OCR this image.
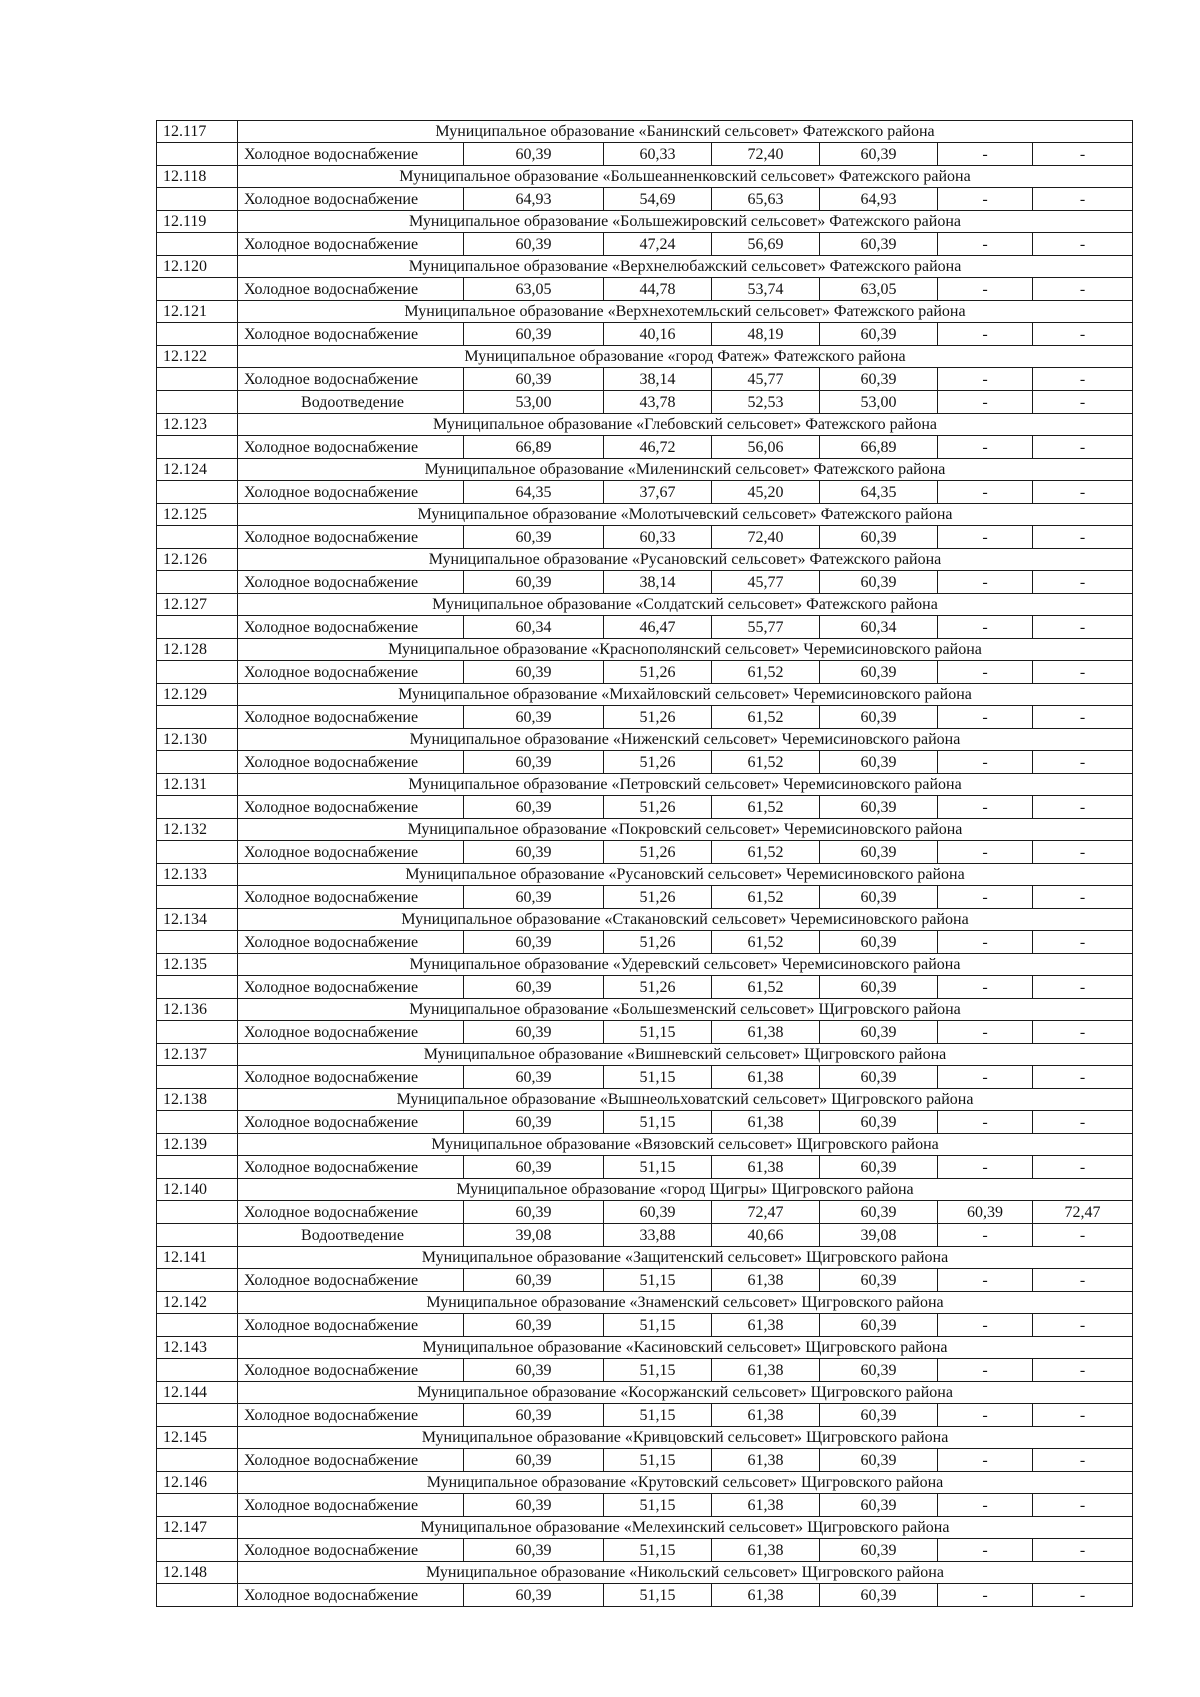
12.117	Муниципальное образование «Банинский сельсовет» Фатежского района						
	Холодное водоснабжение	60,39	60,33	72,40	60,39	-	-
12.118	Муниципальное образование «Большеанненковский сельсовет» Фатежского района						
	Холодное водоснабжение	64,93	54,69	65,63	64,93	-	-
12.119	Муниципальное образование «Большежировский сельсовет» Фатежского района						
	Холодное водоснабжение	60,39	47,24	56,69	60,39	-	-
12.120	Муниципальное образование «Верхнелюбажский сельсовет» Фатежского района						
	Холодное водоснабжение	63,05	44,78	53,74	63,05	-	-
12.121	Муниципальное образование «Верхнехотемльский сельсовет» Фатежского района						
	Холодное водоснабжение	60,39	40,16	48,19	60,39	-	-
12.122	Муниципальное образование «город Фатеж» Фатежского района						
	Холодное водоснабжение	60,39	38,14	45,77	60,39	-	-
	Водоотведение	53,00	43,78	52,53	53,00	-	-
12.123	Муниципальное образование «Глебовский сельсовет» Фатежского района						
	Холодное водоснабжение	66,89	46,72	56,06	66,89	-	-
12.124	Муниципальное образование «Миленинский сельсовет» Фатежского района						
	Холодное водоснабжение	64,35	37,67	45,20	64,35	-	-
12.125	Муниципальное образование «Молотычевский сельсовет» Фатежского района						
	Холодное водоснабжение	60,39	60,33	72,40	60,39	-	-
12.126	Муниципальное образование «Русановский сельсовет» Фатежского района						
	Холодное водоснабжение	60,39	38,14	45,77	60,39	-	-
12.127	Муниципальное образование «Солдатский сельсовет» Фатежского района						
	Холодное водоснабжение	60,34	46,47	55,77	60,34	-	-
12.128	Муниципальное образование «Краснополянский сельсовет» Черемисиновского района						
	Холодное водоснабжение	60,39	51,26	61,52	60,39	-	-
12.129	Муниципальное образование «Михайловский сельсовет» Черемисиновского района						
	Холодное водоснабжение	60,39	51,26	61,52	60,39	-	-
12.130	Муниципальное образование «Ниженский сельсовет» Черемисиновского района						
	Холодное водоснабжение	60,39	51,26	61,52	60,39	-	-
12.131	Муниципальное образование «Петровский сельсовет» Черемисиновского района						
	Холодное водоснабжение	60,39	51,26	61,52	60,39	-	-
12.132	Муниципальное образование «Покровский сельсовет» Черемисиновского района						
	Холодное водоснабжение	60,39	51,26	61,52	60,39	-	-
12.133	Муниципальное образование «Русановский сельсовет» Черемисиновского района						
	Холодное водоснабжение	60,39	51,26	61,52	60,39	-	-
12.134	Муниципальное образование «Стакановский сельсовет» Черемисиновского района						
	Холодное водоснабжение	60,39	51,26	61,52	60,39	-	-
12.135	Муниципальное образование «Удеревский сельсовет» Черемисиновского района						
	Холодное водоснабжение	60,39	51,26	61,52	60,39	-	-
12.136	Муниципальное образование «Большезменский сельсовет» Щигровского района						
	Холодное водоснабжение	60,39	51,15	61,38	60,39	-	-
12.137	Муниципальное образование «Вишневский сельсовет» Щигровского района						
	Холодное водоснабжение	60,39	51,15	61,38	60,39	-	-
12.138	Муниципальное образование «Вышнеольховатский сельсовет» Щигровского района						
	Холодное водоснабжение	60,39	51,15	61,38	60,39	-	-
12.139	Муниципальное образование «Вязовский сельсовет» Щигровского района						
	Холодное водоснабжение	60,39	51,15	61,38	60,39	-	-
12.140	Муниципальное образование «город Щигры» Щигровского района						
	Холодное водоснабжение	60,39	60,39	72,47	60,39	60,39	72,47
	Водоотведение	39,08	33,88	40,66	39,08	-	-
12.141	Муниципальное образование «Защитенский сельсовет» Щигровского района						
	Холодное водоснабжение	60,39	51,15	61,38	60,39	-	-
12.142	Муниципальное образование «Знаменский сельсовет» Щигровского района						
	Холодное водоснабжение	60,39	51,15	61,38	60,39	-	-
12.143	Муниципальное образование «Касиновский сельсовет» Щигровского района						
	Холодное водоснабжение	60,39	51,15	61,38	60,39	-	-
12.144	Муниципальное образование «Косоржанский сельсовет» Щигровского района						
	Холодное водоснабжение	60,39	51,15	61,38	60,39	-	-
12.145	Муниципальное образование «Кривцовский сельсовет» Щигровского района						
	Холодное водоснабжение	60,39	51,15	61,38	60,39	-	-
12.146	Муниципальное образование «Крутовский сельсовет» Щигровского района						
	Холодное водоснабжение	60,39	51,15	61,38	60,39	-	-
12.147	Муниципальное образование «Мелехинский сельсовет» Щигровского района						
	Холодное водоснабжение	60,39	51,15	61,38	60,39	-	-
12.148	Муниципальное образование «Никольский сельсовет» Щигровского района						
	Холодное водоснабжение	60,39	51,15	61,38	60,39	-	-
